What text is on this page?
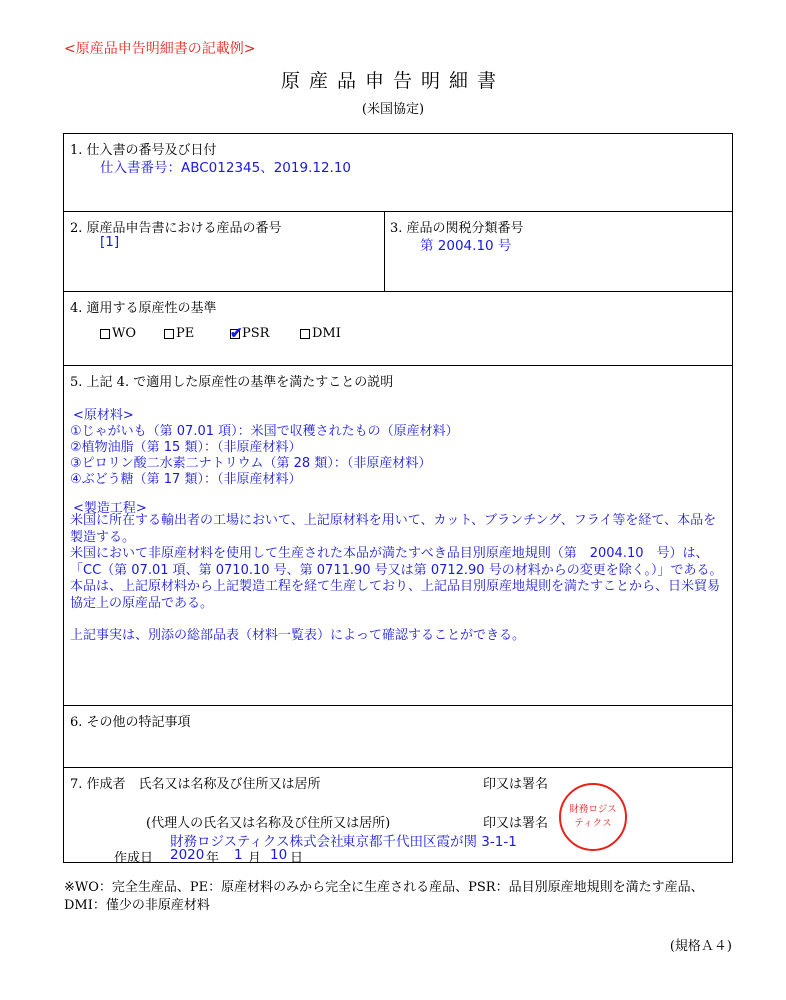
<原産品申告明細書の記載例>
原産品申告明細書
(米国協定)
1. 仕入書の番号及び日付
仕入書番号：ABC012345、2019.12.10
2. 原産品申告書における産品の番号
[1]
3. 産品の関税分類番号
第 2004.10 号
4. 適用する原産性の基準
WO	PE ✔ PSR	DMI
5. 上記 4. で適用した原産性の基準を満たすことの説明
<原材料>
①じゃがいも（第 07.01 項）：米国で収穫されたもの（原産材料）
②植物油脂（第 15 類）：（非原産材料）
③ピロリン酸二水素二ナトリウム（第 28 類）：（非原産材料）
④ぶどう糖（第 17 類）：（非原産材料）
<製造工程>
米国に所在する輸出者の工場において、上記原材料を用いて、カット、ブランチング、フライ等を経て、本品を製造する。
米国において非原産材料を使用して生産された本品が満たすべき品目別原産地規則（第　2004.10　号）は、「CC（第 07.01 項、第 0710.10 号、第 0711.90 号又は第 0712.90 号の材料からの変更を除く。）」である。本品は、上記原材料から上記製造工程を経て生産しており、上記品目別原産地規則を満たすことから、日米貿易協定上の原産品である。
上記事実は、別添の総部品表（材料一覧表）によって確認することができる。
6. その他の特記事項
7. 作成者　氏名又は名称及び住所又は居所	印又は署名
(代理人の氏名又は名称及び住所又は居所)	印又は署名
財務ロジスティクス株式会社
東京都千代田区霞が関 3-1-1
作成日 2020 年 1 月 10 日
財務ロジス
ティクス
※WO：完全生産品、PE：原産材料のみから完全に生産される産品、PSR：品目別原産地規則を満たす産品、DMI：僅少の非原産材料
(規格Ａ４)
